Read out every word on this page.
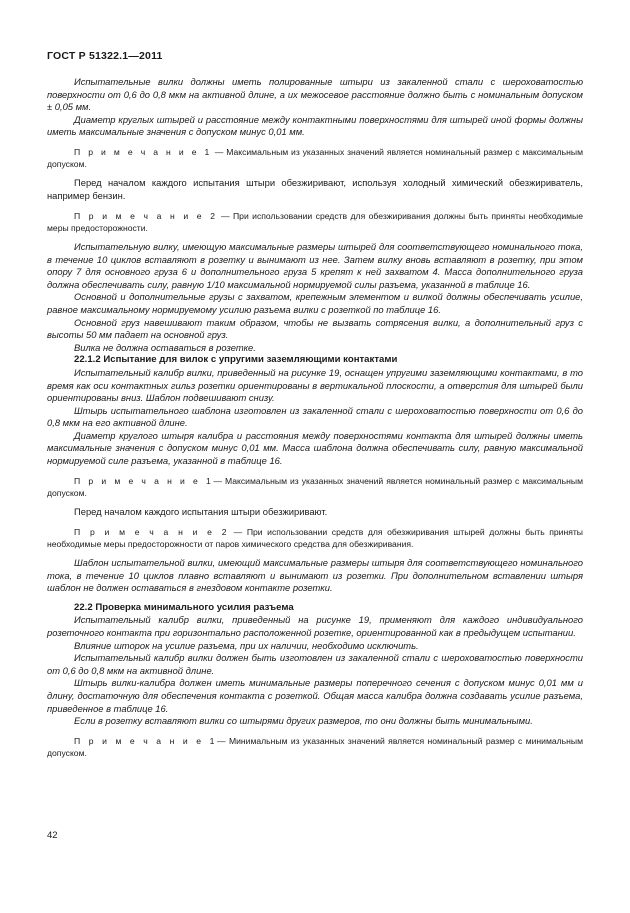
ГОСТ Р 51322.1—2011

Испытательные вилки должны иметь полированные штыри из закаленной стали с шероховатостью поверхности от 0,6 до 0,8 мкм на активной длине, а их межосевое расстояние должно быть с номинальным допуском ± 0,05 мм.

Диаметр круглых штырей и расстояние между контактными поверхностями для штырей иной формы должны иметь максимальные значения с допуском минус 0,01 мм.

П р и м е ч а н и е 1 — Максимальным из указанных значений является номинальный размер с максимальным допуском.

Перед началом каждого испытания штыри обезжиривают, используя холодный химический обезжириватель, например бензин.

П р и м е ч а н и е 2 — При использовании средств для обезжиривания должны быть приняты необходимые меры предосторожности.

Испытательную вилку, имеющую максимальные размеры штырей для соответствующего номинального тока, в течение 10 циклов вставляют в розетку и вынимают из нее. Затем вилку вновь вставляют в розетку, при этом опору 7 для основного груза 6 и дополнительного груза 5 крепят к ней захватом 4. Масса дополнительного груза должна обеспечивать силу, равную 1/10 максимальной нормируемой силы разъема, указанной в таблице 16.

Основной и дополнительные грузы с захватом, крепежным элементом и вилкой должны обеспечивать усилие, равное максимальному нормируемому усилию разъема вилки с розеткой по таблице 16.

Основной груз навешивают таким образом, чтобы не вызвать сотрясения вилки, а дополнительный груз с высоты 50 мм падает на основной груз.

Вилка не должна оставаться в розетке.

22.1.2 Испытание для вилок с упругими заземляющими контактами

Испытательный калибр вилки, приведенный на рисунке 19, оснащен упругими заземляющими контактами, в то время как оси контактных гильз розетки ориентированы в вертикальной плоскости, а отверстия для штырей были ориентированы вниз. Шаблон подвешивают снизу.

Штырь испытательного шаблона изготовлен из закаленной стали с шероховатостью поверхности от 0,6 до 0,8 мкм на его активной длине.

Диаметр круглого штыря калибра и расстояния между поверхностями контакта для штырей должны иметь максимальные значения с допуском минус 0,01 мм. Масса шаблона должна обеспечивать силу, равную максимальной нормируемой силе разъема, указанной в таблице 16.

П р и м е ч а н и е 1— Максимальным из указанных значений является номинальный размер с максимальным допуском.

Перед началом каждого испытания штыри обезжиривают.

П р и м е ч а н и е 2 — При использовании средств для обезжиривания штырей должны быть приняты необходимые меры предосторожности от паров химического средства для обезжиривания.

Шаблон испытательной вилки, имеющий максимальные размеры штыря для соответствующего номинального тока, в течение 10 циклов плавно вставляют и вынимают из розетки. При дополнительном вставлении штыря шаблон не должен оставаться в гнездовом контакте розетки.

22.2 Проверка минимального усилия разъема

Испытательный калибр вилки, приведенный на рисунке 19, применяют для каждого индивидуального розеточного контакта при горизонтально расположенной розетке, ориентированной как в предыдущем испытании.

Влияние шторок на усилие разъема, при их наличии, необходимо исключить.

Испытательный калибр вилки должен быть изготовлен из закаленной стали с шероховатостью поверхности от 0,6 до 0,8 мкм на активной длине.

Штырь вилки-калибра должен иметь минимальные размеры поперечного сечения с допуском минус 0,01 мм и длину, достаточную для обеспечения контакта с розеткой. Общая масса калибра должна создавать усилие разъема, приведенное в таблице 16.

Если в розетку вставляют вилки со штырями других размеров, то они должны быть минимальными.

П р и м е ч а н и е 1— Минимальным из указанных значений является номинальный размер с минимальным допуском.

42
